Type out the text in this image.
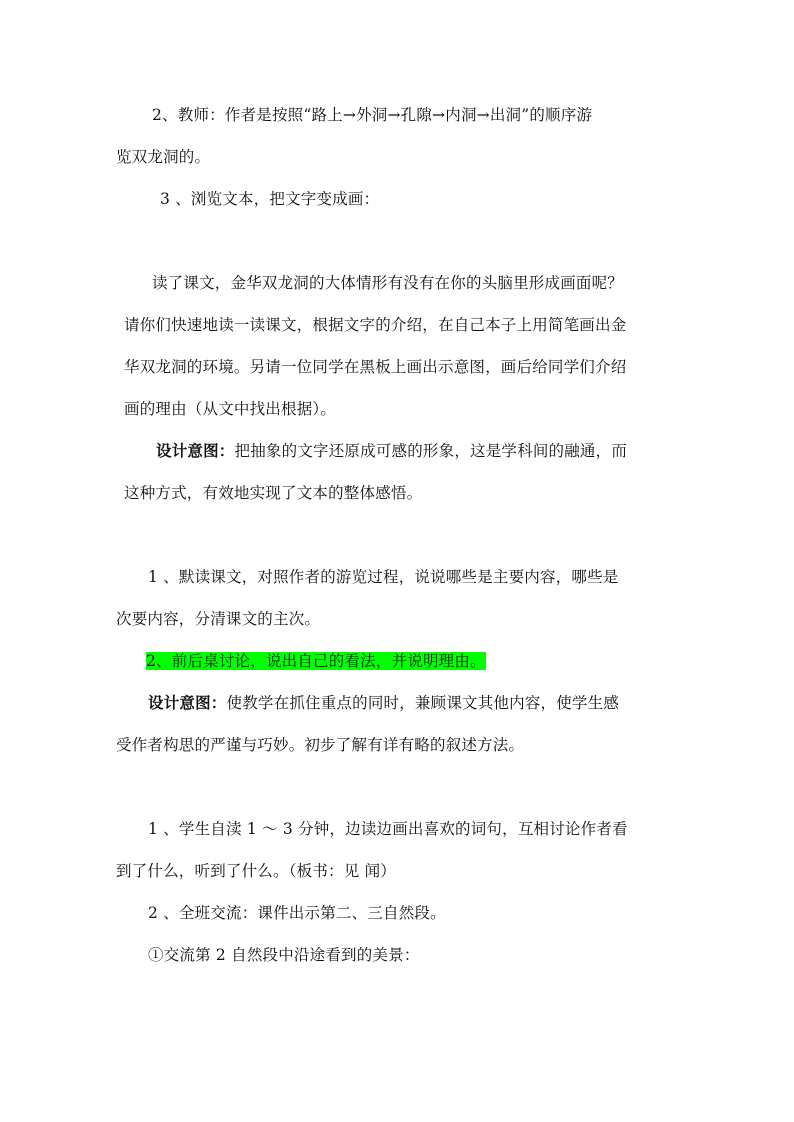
2、教师：作者是按照“路上→外洞→孔隙→内洞→出洞”的顺序游
览双龙洞的。
3 、浏览文本，把文字变成画：
读了课文，金华双龙洞的大体情形有没有在你的头脑里形成画面呢？
请你们快速地读一读课文，根据文字的介绍，在自己本子上用简笔画出金
华双龙洞的环境。另请一位同学在黑板上画出示意图，画后给同学们介绍
画的理由（从文中找出根据）。
设计意图：把抽象的文字还原成可感的形象，这是学科间的融通，而
这种方式，有效地实现了文本的整体感悟。
1 、默读课文，对照作者的游览过程，说说哪些是主要内容，哪些是
次要内容，分清课文的主次。
2、前后桌讨论，说出自己的看法，并说明理由。
设计意图：使教学在抓住重点的同时，兼顾课文其他内容，使学生感
受作者构思的严谨与巧妙。初步了解有详有略的叙述方法。
1 、学生自渎 1 ～ 3 分钟，边读边画出喜欢的词句，互相讨论作者看
到了什么，听到了什么。（板书：见 闻）
2 、全班交流：课件出示第二、三自然段。
①交流第 2 自然段中沿途看到的美景：
